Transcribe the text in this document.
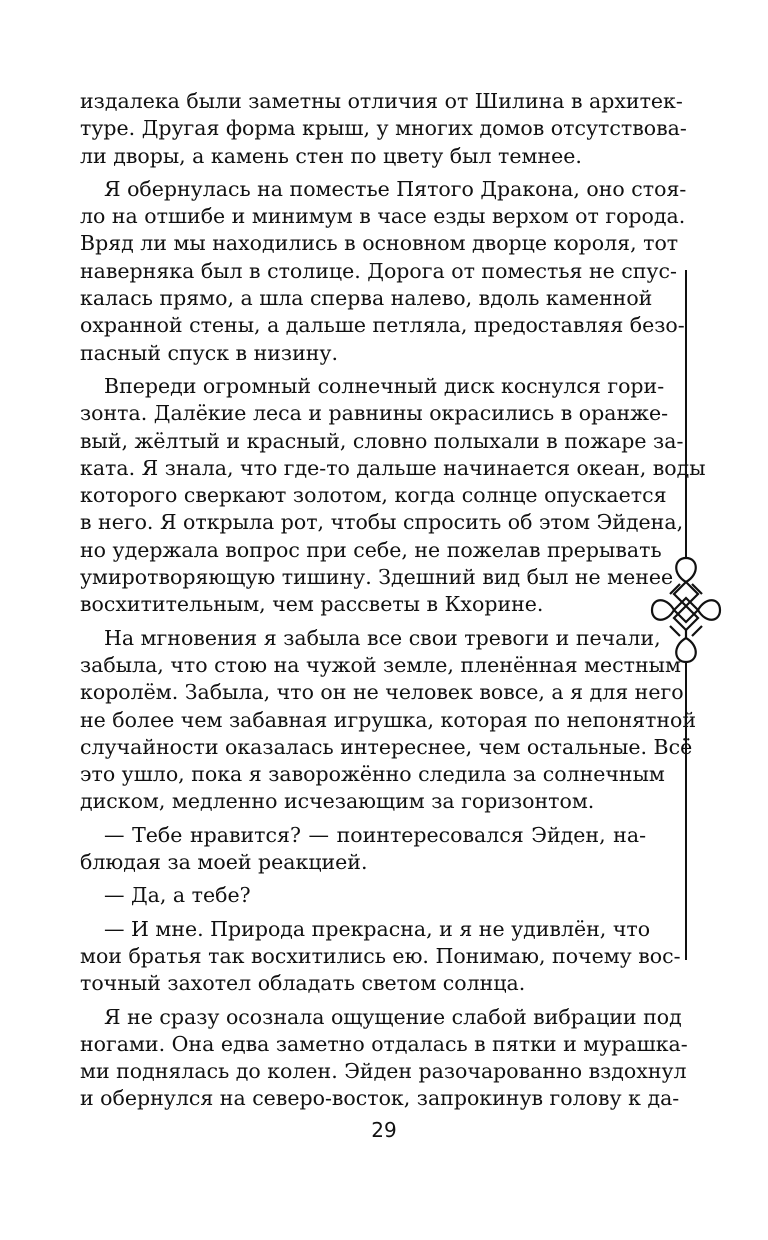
издалека были заметны отличия от Шилина в архитек-
туре. Другая форма крыш, у многих домов отсутствова-
ли дворы, а камень стен по цвету был темнее.
Я обернулась на поместье Пятого Дракона, оно стоя-
ло на отшибе и минимум в часе езды верхом от города.
Вряд ли мы находились в основном дворце короля, тот
наверняка был в столице. Дорога от поместья не спус-
калась прямо, а шла сперва налево, вдоль каменной
охранной стены, а дальше петляла, предоставляя безо-
пасный спуск в низину.
Впереди огромный солнечный диск коснулся гори-
зонта. Далёкие леса и равнины окрасились в оранже-
вый, жёлтый и красный, словно полыхали в пожаре за-
ката. Я знала, что где-то дальше начинается океан, воды
которого сверкают золотом, когда солнце опускается
в него. Я открыла рот, чтобы спросить об этом Эйдена,
но удержала вопрос при себе, не пожелав прерывать
умиротворяющую тишину. Здешний вид был не менее
восхитительным, чем рассветы в Кхорине.
На мгновения я забыла все свои тревоги и печали,
забыла, что стою на чужой земле, пленённая местным
королём. Забыла, что он не человек вовсе, а я для него
не более чем забавная игрушка, которая по непонятной
случайности оказалась интереснее, чем остальные. Всё
это ушло, пока я заворожённо следила за солнечным
диском, медленно исчезающим за горизонтом.
— Тебе нравится? — поинтересовался Эйден, на-
блюдая за моей реакцией.
— Да, а тебе?
— И мне. Природа прекрасна, и я не удивлён, что
мои братья так восхитились ею. Понимаю, почему вос-
точный захотел обладать светом солнца.
Я не сразу осознала ощущение слабой вибрации под
ногами. Она едва заметно отдалась в пятки и мурашка-
ми поднялась до колен. Эйден разочарованно вздохнул
и обернулся на северо-восток, запрокинув голову к да-
29
